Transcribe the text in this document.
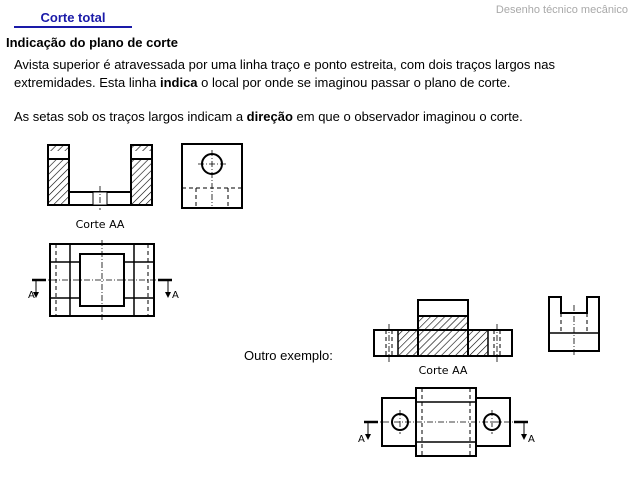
Corte total	Desenho técnico mecânico
Indicação do plano de corte
Avista superior é atravessada por uma linha traço e ponto estreita, com dois traços largos nas extremidades. Esta linha indica o local por onde se imaginou passar o plano de corte.
As setas sob os traços largos indicam a direção em que o observador imaginou o corte.
Outro exemplo:
Corte AA
A	A
Corte AA
A	A
